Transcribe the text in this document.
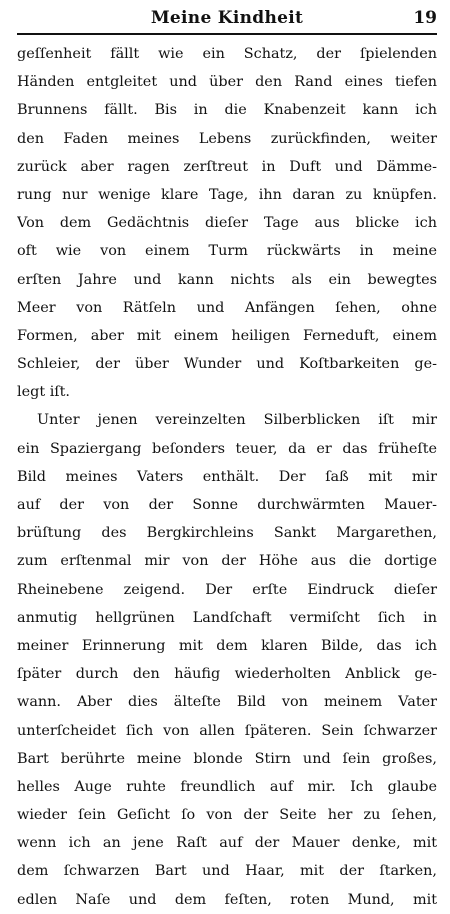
Meine Kindheit	19
geſſenheit fällt wie ein Schatz, der ſpielenden
Händen entgleitet und über den Rand eines tiefen
Brunnens fällt. Bis in die Knabenzeit kann ich
den Faden meines Lebens zurückfinden, weiter
zurück aber ragen zerſtreut in Duft und Dämme-
rung nur wenige klare Tage, ihn daran zu knüpfen.
Von dem Gedächtnis dieſer Tage aus blicke ich
oft wie von einem Turm rückwärts in meine
erſten Jahre und kann nichts als ein bewegtes
Meer von Rätſeln und Anfängen ſehen, ohne
Formen, aber mit einem heiligen Ferneduft, einem
Schleier, der über Wunder und Koſtbarkeiten ge-
legt iſt.
Unter jenen vereinzelten Silberblicken iſt mir
ein Spaziergang beſonders teuer, da er das früheſte
Bild meines Vaters enthält. Der ſaß mit mir
auf der von der Sonne durchwärmten Mauer-
brüſtung des Bergkirchleins Sankt Margarethen,
zum erſtenmal mir von der Höhe aus die dortige
Rheinebene zeigend. Der erſte Eindruck dieſer
anmutig hellgrünen Landſchaft vermiſcht ſich in
meiner Erinnerung mit dem klaren Bilde, das ich
ſpäter durch den häufig wiederholten Anblick ge-
wann. Aber dies älteſte Bild von meinem Vater
unterſcheidet ſich von allen ſpäteren. Sein ſchwarzer
Bart berührte meine blonde Stirn und ſein großes,
helles Auge ruhte freundlich auf mir. Ich glaube
wieder ſein Geſicht ſo von der Seite her zu ſehen,
wenn ich an jene Raſt auf der Mauer denke, mit
dem ſchwarzen Bart und Haar, mit der ſtarken,
edlen Naſe und dem feſten, roten Mund, mit
